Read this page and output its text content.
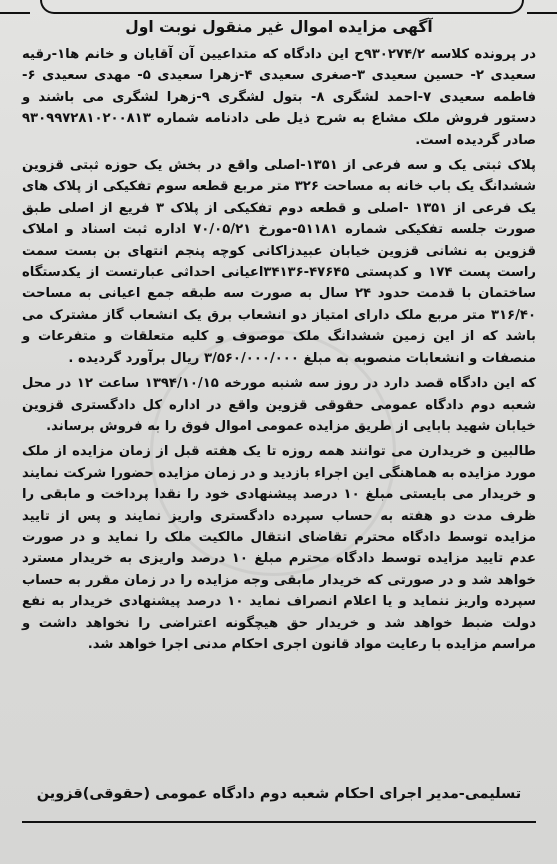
آگهی مزایده اموال غیر منقول نوبت اول

در پرونده کلاسه ۹۳۰۲۷۴/۲ح این دادگاه که متداعیین آن آقایان و خانم ها۱-رقیه سعیدی ۲- حسین سعیدی ۳-صغری سعیدی ۴-زهرا سعیدی ۵- مهدی سعیدی ۶-فاطمه سعیدی ۷-احمد لشگری ۸- بتول لشگری ۹-زهرا لشگری می باشند و دستور فروش ملک مشاع به شرح ذیل طی دادنامه شماره ۹۳۰۹۹۷۲۸۱۰۲۰۰۸۱۳ صادر گردیده است.

پلاک ثبتی یک و سه فرعی از ۱۳۵۱-اصلی واقع در بخش یک حوزه ثبتی قزوین ششدانگ یک باب خانه به مساحت ۳۲۶ متر مربع قطعه سوم تفکیکی از پلاک های یک فرعی از ۱۳۵۱ -اصلی و قطعه دوم تفکیکی از پلاک ۳ فریع از اصلی طبق صورت جلسه تفکیکی شماره ۵۱۱۸۱-مورخ ۷۰/۰۵/۲۱ اداره ثبت اسناد و املاک قزوین به نشانی قزوین خیابان عبیدزاکانی کوچه پنجم انتهای بن بست سمت راست پست ۱۷۴ و کدپستی ۴۷۶۴۵-۳۴۱۳۶اعیانی احداثی عبارتست از یکدستگاه ساختمان با قدمت حدود ۲۴ سال به صورت سه طبقه جمع اعیانی به مساحت ۳۱۶/۴۰ متر مربع ملک دارای امتیاز دو انشعاب برق یک انشعاب گاز مشترک می باشد که از این زمین ششدانگ ملک موصوف و کلیه متعلقات و متفرعات و منصفات و انشعابات منصوبه به مبلغ ۳/۵۶۰/۰۰۰/۰۰۰ ریال برآورد گردیده .

که این دادگاه قصد دارد در روز سه شنبه مورخه ۱۳۹۴/۱۰/۱۵ ساعت ۱۲ در محل شعبه دوم دادگاه عمومی حقوقی قزوین واقع در اداره کل دادگستری قزوین خیابان شهید بابایی از طریق مزایده عمومی اموال فوق را به فروش برساند.

طالبین و خریدارن می توانند همه روزه تا یک هفته قبل از زمان مزایده از ملک مورد مزایده به هماهنگی این اجراء بازدید و در زمان مزایده حضورا شرکت نمایند و خریدار می بایستی مبلغ ۱۰ درصد پیشنهادی خود را نقدا پرداخت و مابقی را ظرف مدت دو هفته به حساب سپرده دادگستری واریز نمایند و پس از تایید مزایده توسط دادگاه محترم تقاضای انتقال مالکیت ملک را نماید و در صورت عدم تایید مزایده توسط دادگاه محترم مبلغ ۱۰ درصد واریزی به خریدار مسترد خواهد شد و در صورتی که خریدار مابقی وجه مزایده را در زمان مقرر به حساب سپرده واریز ننماید و یا اعلام انصراف نماید ۱۰ درصد پیشنهادی خریدار به نفع دولت ضبط خواهد شد و خریدار حق هیچگونه اعتراضی را نخواهد داشت و مراسم مزایده با رعایت مواد قانون اجری احکام مدنی اجرا خواهد شد.

تسلیمی-مدیر اجرای احکام شعبه دوم دادگاه عمومی (حقوقی)قزوین
